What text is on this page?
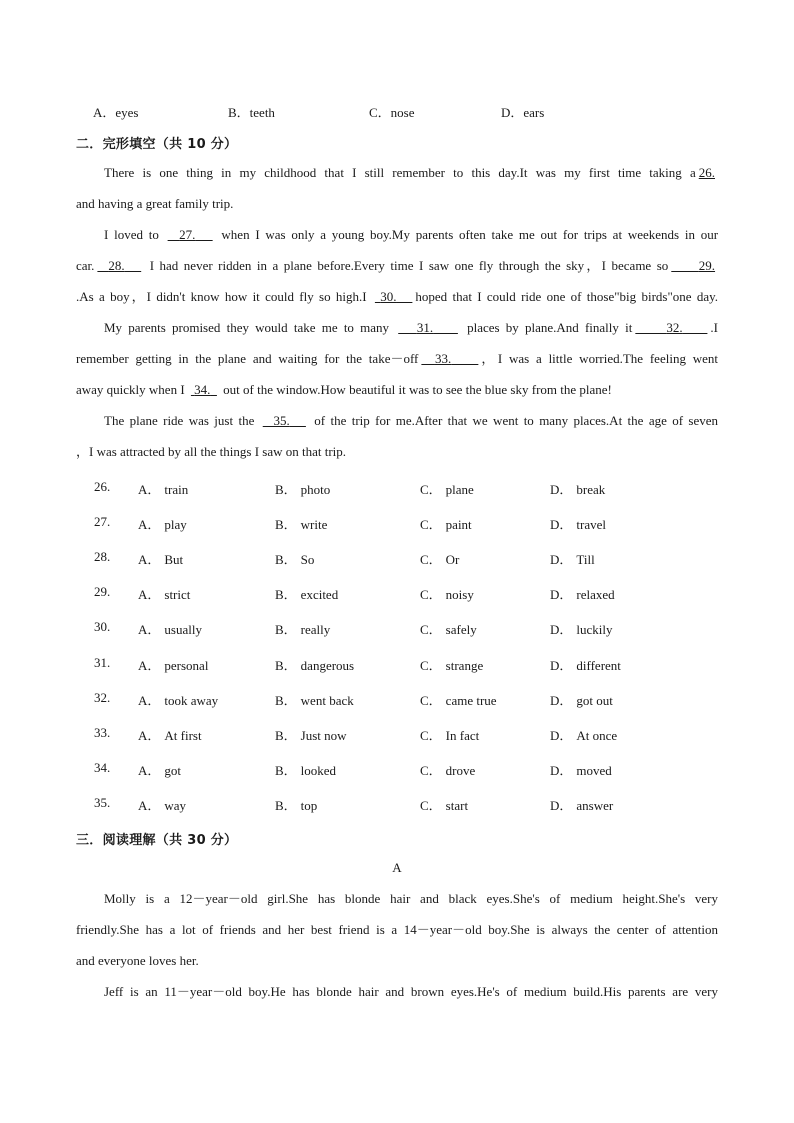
A．eyes	B．teeth	C．nose	D．ears
二．完形填空（共 10 分）
There is one thing in my childhood that I still remember to this day.It was my first time taking a 26.
and having a great family trip.
I loved to 27. when I was only a young boy.My parents often take me out for trips at weekends in our
car. 28. I had never ridden in a plane before.Every time I saw one fly through the sky，I became so 29.
.As a boy，I didn't know how it could fly so high.I 30. hoped that I could ride one of those"big birds"one day.
My parents promised they would take me to many 31.	places by plane.And finally it	32. .I
remember getting in the plane and waiting for the take－off 33. ，I was a little worried.The feeling went
away quickly when I 34. out of the window.How beautiful it was to see the blue sky from the plane!
The plane ride was just the 35. of the trip for me.After that we went to many places.At the age of seven
，I was attracted by all the things I saw on that trip.
26. A． train	B． photo	C． plane	D． break
27. A． play	B． write	C． paint	D． travel
28. A． But	B． So	C． Or	D． Till
29. A． strict	B． excited	C． noisy	D． relaxed
30. A． usually	B． really	C． safely	D． luckily
31. A． personal	B． dangerous	C． strange	D． different
32. A． took away	B． went back	C． came true	D． got out
33. A． At first	B． Just now	C． In fact	D． At once
34. A． got	B． looked	C． drove	D． moved
35. A． way	B． top	C． start	D． answer
三．阅读理解（共 30 分）
A
Molly is a 12－year－old girl.She has blonde hair and black eyes.She's of medium height.She's very
friendly.She has a lot of friends and her best friend is a 14－year－old boy.She is always the center of attention
and everyone loves her.
Jeff is an 11－year－old boy.He has blonde hair and brown eyes.He's of medium build.His parents are very
